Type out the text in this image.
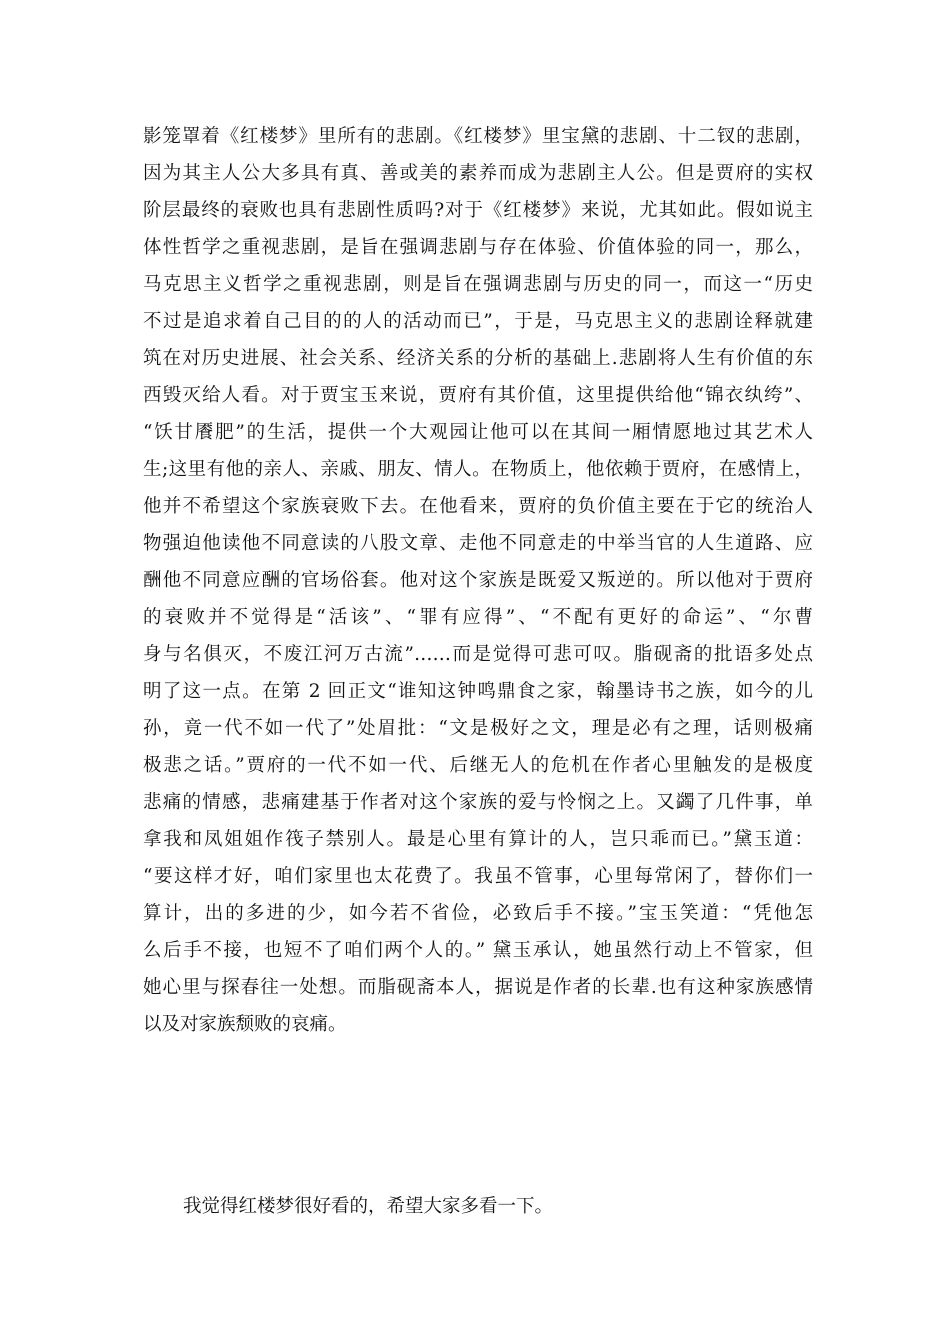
影笼罩着《红楼梦》里所有的悲剧。《红楼梦》里宝黛的悲剧、十二钗的悲剧，
因为其主人公大多具有真、善或美的素养而成为悲剧主人公。但是贾府的实权
阶层最终的衰败也具有悲剧性质吗?对于《红楼梦》来说，尤其如此。假如说主
体性哲学之重视悲剧，是旨在强调悲剧与存在体验、价值体验的同一，那么，
马克思主义哲学之重视悲剧，则是旨在强调悲剧与历史的同一，而这一“历史
不过是追求着自己目的的人的活动而已”，于是，马克思主义的悲剧诠释就建
筑在对历史进展、社会关系、经济关系的分析的基础上.悲剧将人生有价值的东
西毁灭给人看。对于贾宝玉来说，贾府有其价值，这里提供给他“锦衣纨绔”、
“饫甘餍肥”的生活，提供一个大观园让他可以在其间一厢情愿地过其艺术人
生;这里有他的亲人、亲戚、朋友、情人。在物质上，他依赖于贾府，在感情上，
他并不希望这个家族衰败下去。在他看来，贾府的负价值主要在于它的统治人
物强迫他读他不同意读的八股文章、走他不同意走的中举当官的人生道路、应
酬他不同意应酬的官场俗套。他对这个家族是既爱又叛逆的。所以他对于贾府
的衰败并不觉得是“活该”、“罪有应得”、“不配有更好的命运”、“尔曹
身与名俱灭，不废江河万古流”……而是觉得可悲可叹。脂砚斋的批语多处点
明了这一点。在第 2 回正文“谁知这钟鸣鼎食之家，翰墨诗书之族，如今的儿
孙，竟一代不如一代了”处眉批：“文是极好之文，理是必有之理，话则极痛
极悲之话。”贾府的一代不如一代、后继无人的危机在作者心里触发的是极度
悲痛的情感，悲痛建基于作者对这个家族的爱与怜悯之上。又蠲了几件事，单
拿我和凤姐姐作筏子禁别人。最是心里有算计的人，岂只乖而已。”黛玉道：
“要这样才好，咱们家里也太花费了。我虽不管事，心里每常闲了，替你们一
算计，出的多进的少，如今若不省俭，必致后手不接。”宝玉笑道：“凭他怎
么后手不接，也短不了咱们两个人的。” 黛玉承认，她虽然行动上不管家，但
她心里与探春往一处想。而脂砚斋本人，据说是作者的长辈.也有这种家族感情
以及对家族颓败的哀痛。

我觉得红楼梦很好看的，希望大家多看一下。
